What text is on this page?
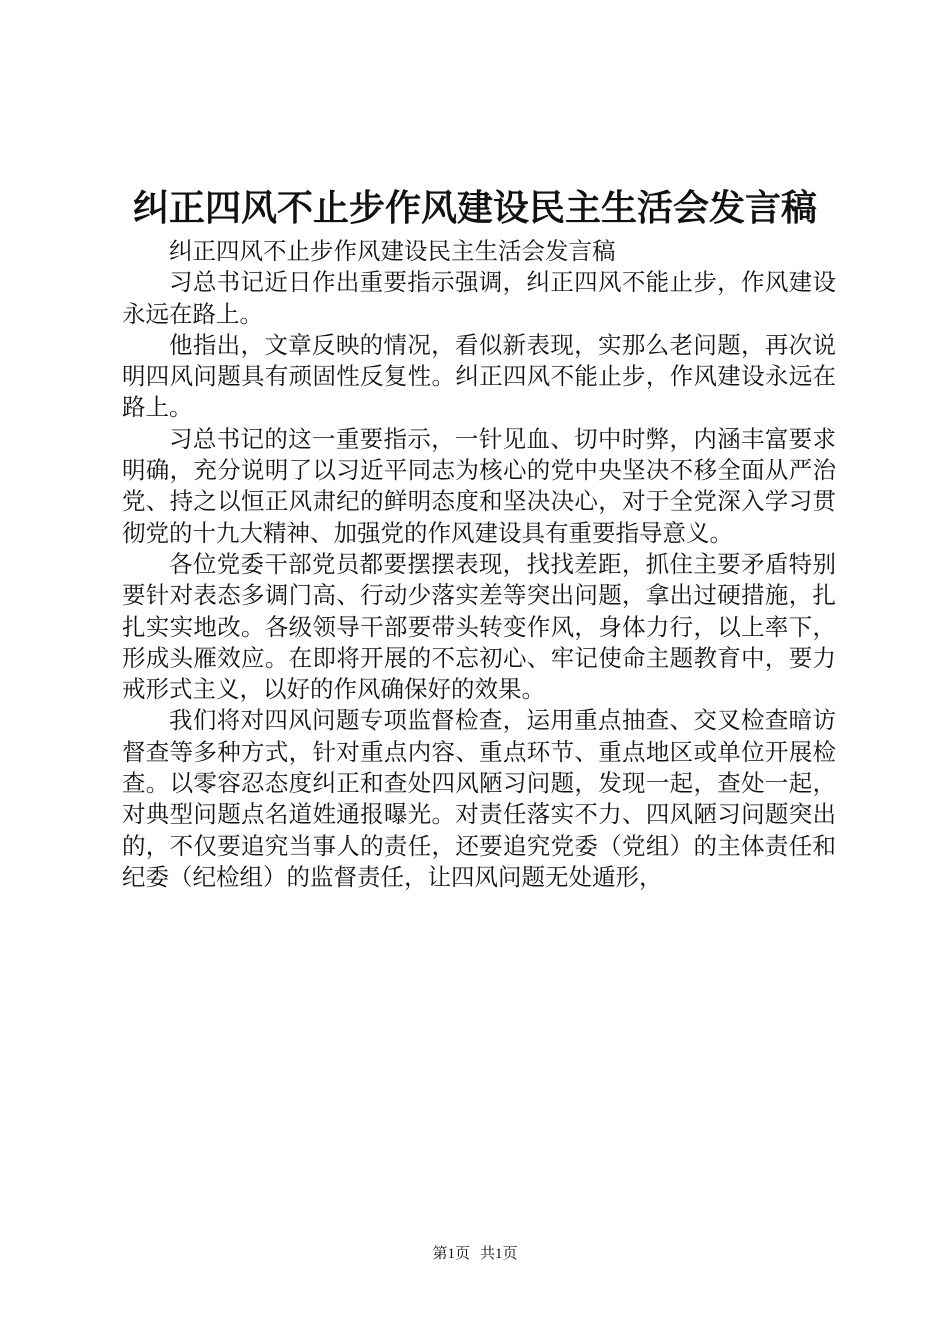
纠正四风不止步作风建设民主生活会发言稿

纠正四风不止步作风建设民主生活会发言稿

习总书记近日作出重要指示强调，纠正四风不能止步，作风建设永远在路上。

他指出，文章反映的情况，看似新表现，实那么老问题，再次说明四风问题具有顽固性反复性。纠正四风不能止步，作风建设永远在路上。

习总书记的这一重要指示，一针见血、切中时弊，内涵丰富要求明确，充分说明了以习近平同志为核心的党中央坚决不移全面从严治党、持之以恒正风肃纪的鲜明态度和坚决决心，对于全党深入学习贯彻党的十九大精神、加强党的作风建设具有重要指导意义。

各位党委干部党员都要摆摆表现，找找差距，抓住主要矛盾特别要针对表态多调门高、行动少落实差等突出问题，拿出过硬措施，扎扎实实地改。各级领导干部要带头转变作风，身体力行，以上率下，形成头雁效应。在即将开展的不忘初心、牢记使命主题教育中，要力戒形式主义，以好的作风确保好的效果。

我们将对四风问题专项监督检查，运用重点抽查、交叉检查暗访督查等多种方式，针对重点内容、重点环节、重点地区或单位开展检查。以零容忍态度纠正和查处四风陋习问题，发现一起，查处一起，对典型问题点名道姓通报曝光。对责任落实不力、四风陋习问题突出的，不仅要追究当事人的责任，还要追究党委（党组）的主体责任和纪委（纪检组）的监督责任，让四风问题无处遁形，

第1页 共1页
